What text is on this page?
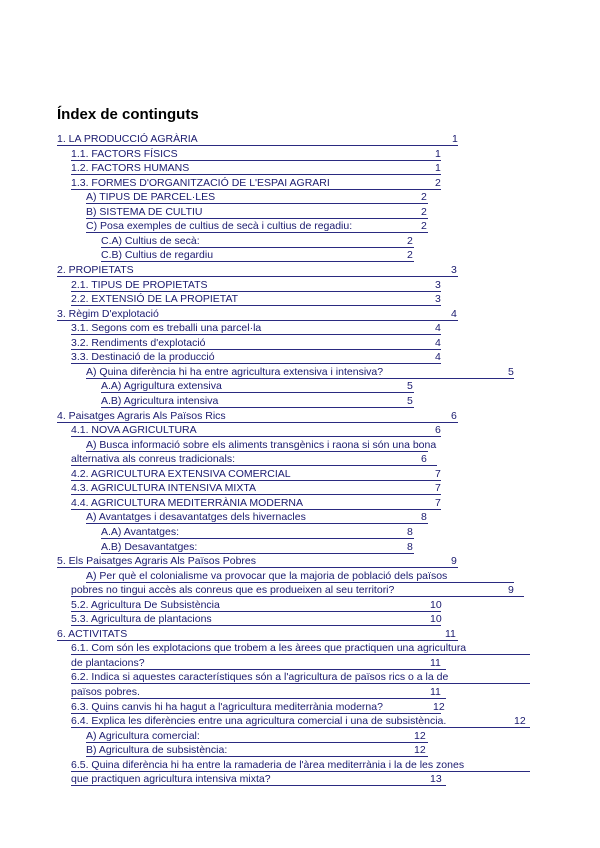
Índex de continguts
1. LA PRODUCCIÓ AGRÀRIA	1
1.1. FACTORS FÍSICS	1
1.2. FACTORS HUMANS	1
1.3. FORMES D'ORGANITZACIÓ DE L'ESPAI AGRARI	2
A) TIPUS DE PARCEL·LES	2
B) SISTEMA DE CULTIU	2
C) Posa exemples de cultius de secà i cultius de regadiu:	2
C.A) Cultius de secà:	2
C.B) Cultius de regardiu	2
2. PROPIETATS	3
2.1. TIPUS DE PROPIETATS	3
2.2. EXTENSIÓ DE LA PROPIETAT	3
3. Règim D'explotació	4
3.1. Segons com es treballi una parcel·la	4
3.2. Rendiments d'explotació	4
3.3. Destinació de la producció	4
A) Quina diferència hi ha entre agricultura extensiva i intensiva?	5
A.A) Agrigultura extensiva	5
A.B) Agricultura intensiva	5
4. Paisatges Agraris Als Països Rics	6
4.1. NOVA AGRICULTURA	6
A) Busca informació sobre els aliments transgènics i raona si són una bona
alternativa als conreus tradicionals:	6
4.2. AGRICULTURA EXTENSIVA COMERCIAL	7
4.3. AGRICULTURA INTENSIVA MIXTA	7
4.4. AGRICULTURA MEDITERRÀNIA MODERNA	7
A) Avantatges i desavantatges dels hivernacles	8
A.A) Avantatges:	8
A.B) Desavantatges:	8
5. Els Paisatges Agraris Als Països Pobres	9
A) Per què el colonialisme va provocar que la majoria de població dels països
pobres no tingui accès als conreus que es produeixen al seu territori?	9
5.2. Agricultura De Subsistència	10
5.3. Agricultura de plantacions	10
6. ACTIVITATS	11
6.1. Com són les explotacions que trobem a les àrees que practiquen una agricultura
de plantacions?	11
6.2. Indica si aquestes característiques són a l'agricultura de països rics o a la de
països pobres.	11
6.3. Quins canvis hi ha hagut a l'agricultura mediterrània moderna?	12
6.4. Explica les diferències entre una agricultura comercial i una de subsistència.	12
A) Agricultura comercial:	12
B) Agricultura de subsistència:	12
6.5. Quina diferència hi ha entre la ramaderia de l'àrea mediterrània i la de les zones
que practiquen agricultura intensiva mixta?	13
